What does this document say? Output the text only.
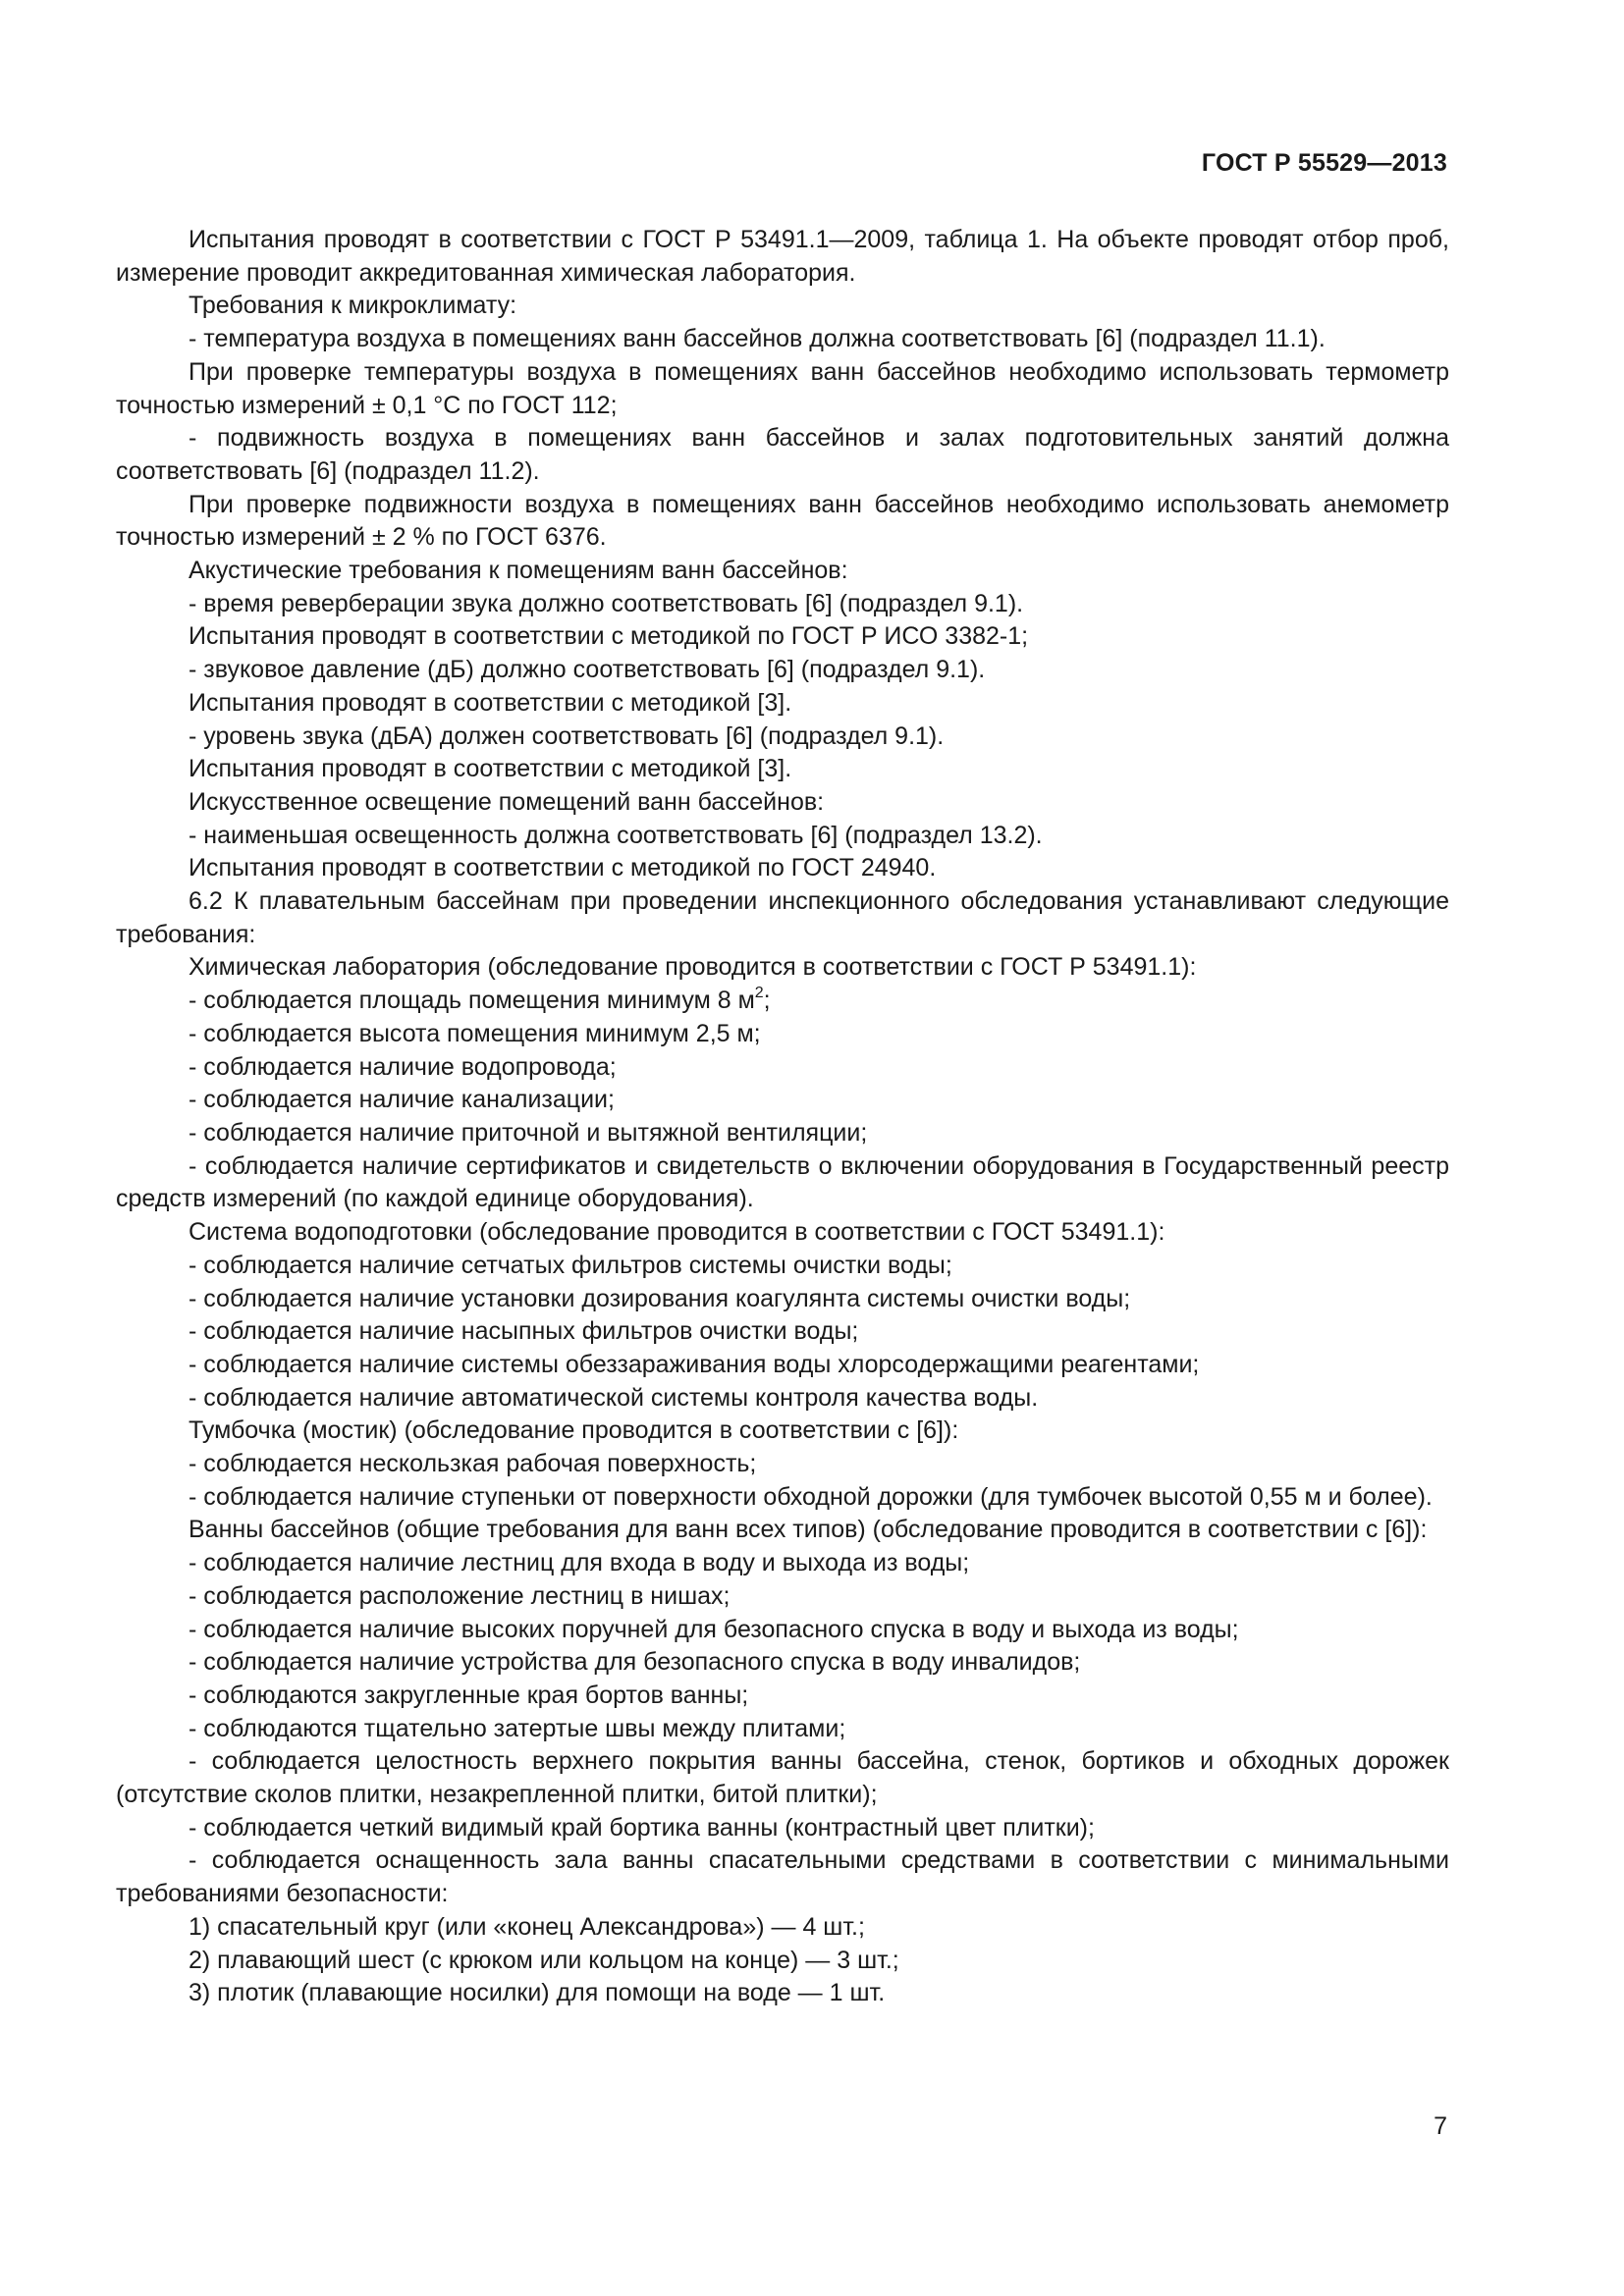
ГОСТ Р 55529—2013

Испытания проводят в соответствии с ГОСТ Р 53491.1—2009, таблица 1. На объекте проводят отбор проб, измерение проводит аккредитованная химическая лаборатория.

Требования к микроклимату:

- температура воздуха в помещениях ванн бассейнов должна соответствовать [6] (подраздел 11.1).

При проверке температуры воздуха в помещениях ванн бассейнов необходимо использовать термометр точностью измерений ± 0,1 °С по ГОСТ 112;

- подвижность воздуха в помещениях ванн бассейнов и залах подготовительных занятий должна соответствовать [6] (подраздел 11.2).

При проверке подвижности воздуха в помещениях ванн бассейнов необходимо использовать анемометр точностью измерений ± 2 % по ГОСТ 6376.

Акустические требования к помещениям ванн бассейнов:

- время реверберации звука должно соответствовать [6] (подраздел 9.1).

Испытания проводят в соответствии с методикой по ГОСТ Р ИСО 3382-1;

- звуковое давление (дБ) должно соответствовать [6] (подраздел 9.1).

Испытания проводят в соответствии с методикой [3].

- уровень звука (дБА) должен соответствовать [6] (подраздел 9.1).

Испытания проводят в соответствии с методикой [3].

Искусственное освещение помещений ванн бассейнов:

- наименьшая освещенность должна соответствовать [6] (подраздел 13.2).

Испытания проводят в соответствии с методикой по ГОСТ 24940.

6.2 К плавательным бассейнам при проведении инспекционного обследования устанавливают следующие требования:

Химическая лаборатория (обследование проводится в соответствии с ГОСТ Р 53491.1):

- соблюдается площадь помещения минимум 8 $м^2$;

- соблюдается высота помещения минимум 2,5 м;

- соблюдается наличие водопровода;

- соблюдается наличие канализации;

- соблюдается наличие приточной и вытяжной вентиляции;

- соблюдается наличие сертификатов и свидетельств о включении оборудования в Государственный реестр средств измерений (по каждой единице оборудования).

Система водоподготовки (обследование проводится в соответствии с ГОСТ 53491.1):

- соблюдается наличие сетчатых фильтров системы очистки воды;

- соблюдается наличие установки дозирования коагулянта системы очистки воды;

- соблюдается наличие насыпных фильтров очистки воды;

- соблюдается наличие системы обеззараживания воды хлорсодержащими реагентами;

- соблюдается наличие автоматической системы контроля качества воды.

Тумбочка (мостик) (обследование проводится в соответствии с [6]):

- соблюдается нескользкая рабочая поверхность;

- соблюдается наличие ступеньки от поверхности обходной дорожки (для тумбочек высотой 0,55 м и более).

Ванны бассейнов (общие требования для ванн всех типов) (обследование проводится в соответствии с [6]):

- соблюдается наличие лестниц для входа в воду и выхода из воды;

- соблюдается расположение лестниц в нишах;

- соблюдается наличие высоких поручней для безопасного спуска в воду и выхода из воды;

- соблюдается наличие устройства для безопасного спуска в воду инвалидов;

- соблюдаются закругленные края бортов ванны;

- соблюдаются тщательно затертые швы между плитами;

- соблюдается целостность верхнего покрытия ванны бассейна, стенок, бортиков и обходных дорожек (отсутствие сколов плитки, незакрепленной плитки, битой плитки);

- соблюдается четкий видимый край бортика ванны (контрастный цвет плитки);

- соблюдается оснащенность зала ванны спасательными средствами в соответствии с минимальными требованиями безопасности:

1) спасательный круг (или «конец Александрова») — 4 шт.;

2) плавающий шест (с крюком или кольцом на конце) — 3 шт.;

3) плотик (плавающие носилки) для помощи на воде — 1 шт.

7
